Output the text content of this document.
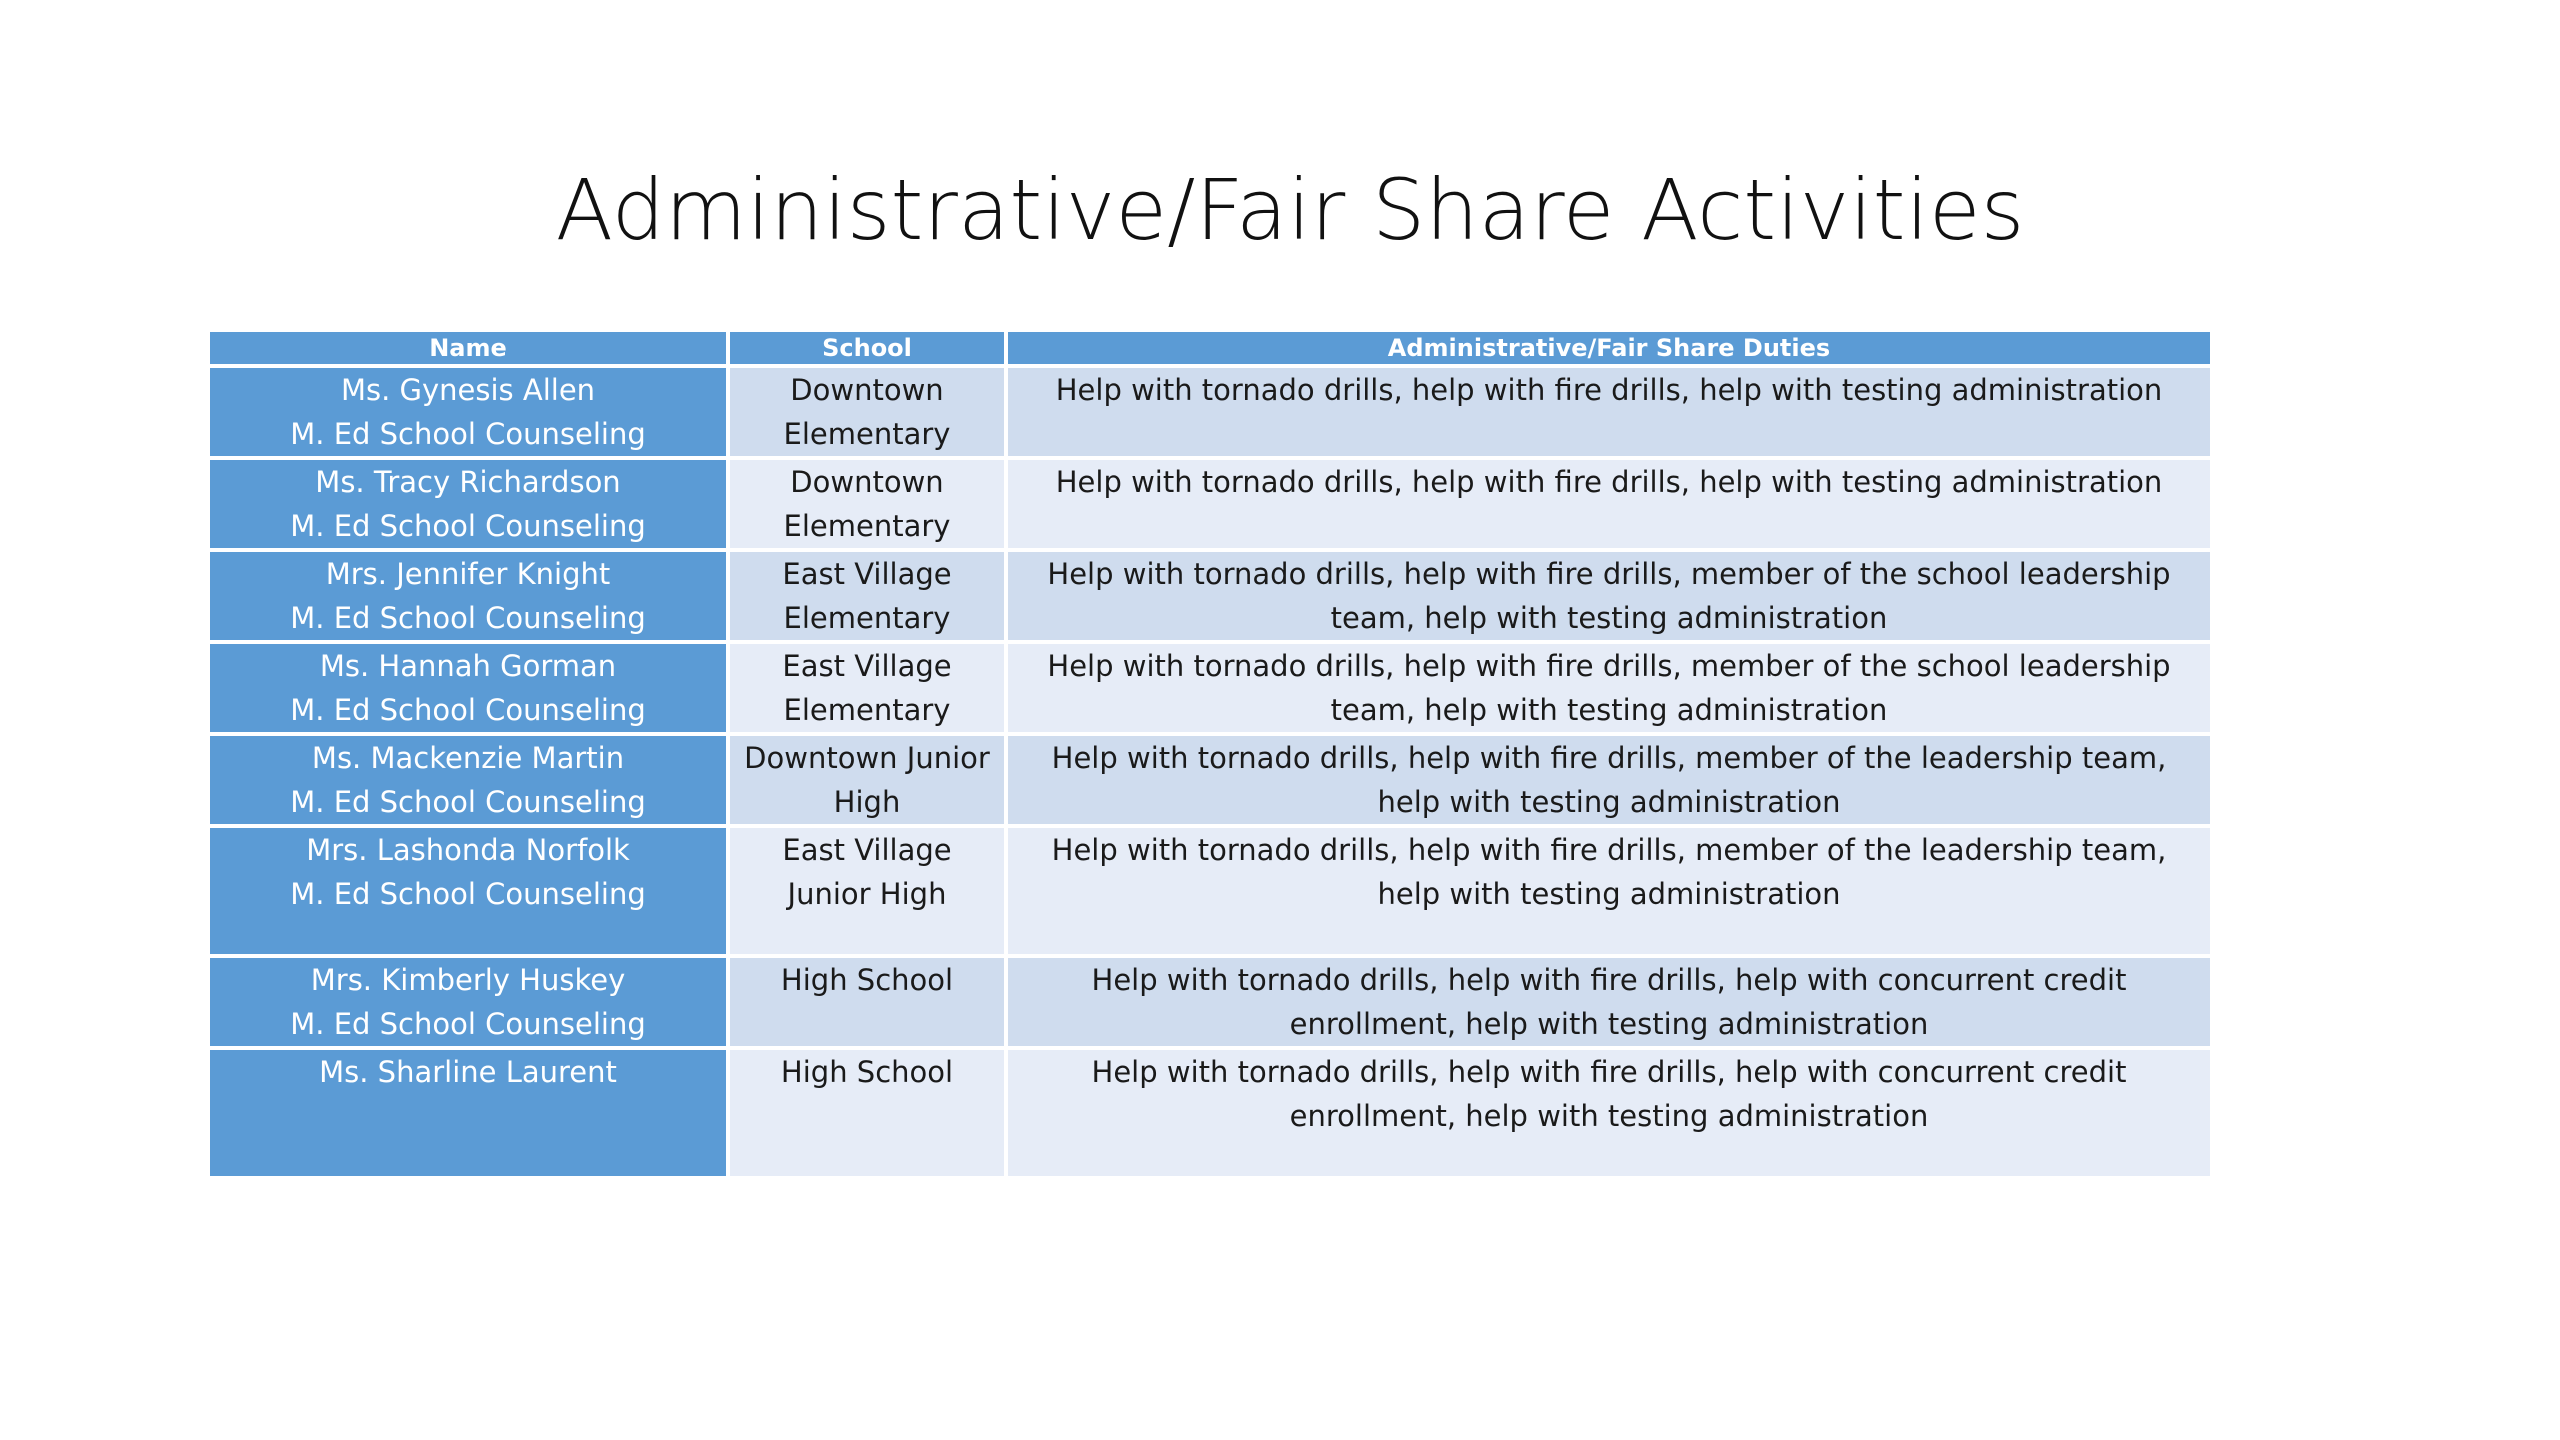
Administrative/Fair Share Activities
Name	School	Administrative/Fair Share Duties

Ms. Gynesis Allen
M. Ed School Counseling	Downtown Elementary	Help with tornado drills, help with fire drills, help with testing administration

Ms. Tracy Richardson
M. Ed School Counseling	Downtown Elementary	Help with tornado drills, help with fire drills, help with testing administration

Mrs. Jennifer Knight
M. Ed School Counseling	East Village Elementary	Help with tornado drills, help with fire drills, member of the school leadership team, help with testing administration

Ms. Hannah Gorman
M. Ed School Counseling	East Village Elementary	Help with tornado drills, help with fire drills, member of the school leadership team, help with testing administration

Ms. Mackenzie Martin
M. Ed School Counseling	Downtown Junior High	Help with tornado drills, help with fire drills, member of the leadership team, help with testing administration

Mrs. Lashonda Norfolk
M. Ed School Counseling	East Village Junior High	Help with tornado drills, help with fire drills, member of the leadership team, help with testing administration

Mrs. Kimberly Huskey
M. Ed School Counseling	High School	Help with tornado drills, help with fire drills, help with concurrent credit enrollment, help with testing administration

Ms. Sharline Laurent	High School	Help with tornado drills, help with fire drills, help with concurrent credit enrollment, help with testing administration
